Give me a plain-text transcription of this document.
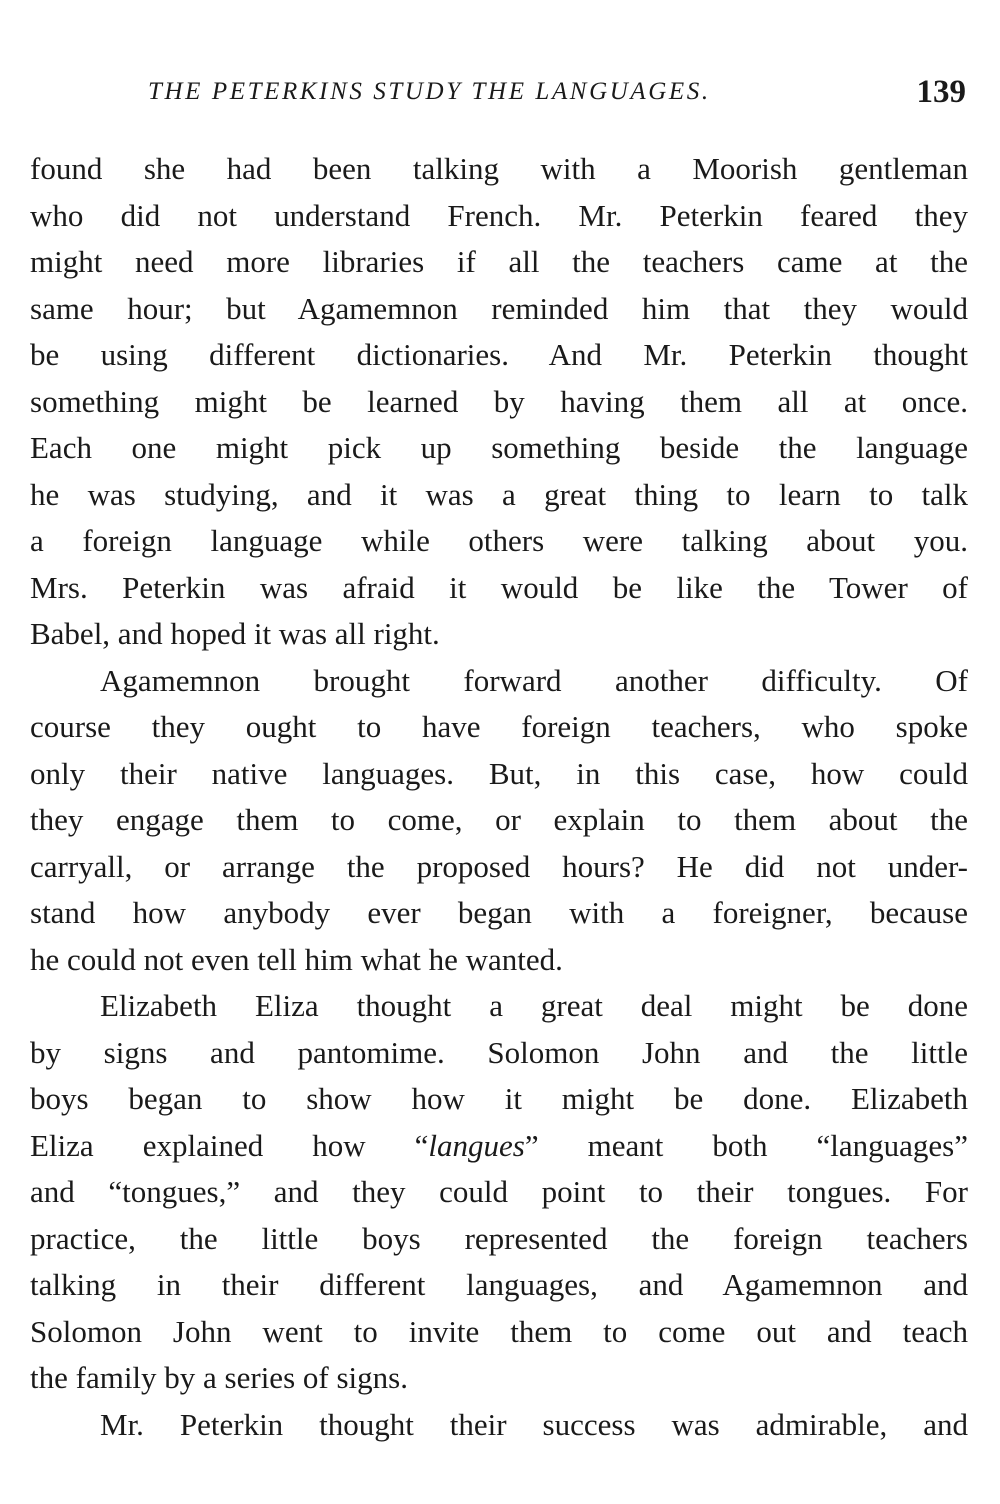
THE PETERKINS STUDY THE LANGUAGES.	139
found she had been talking with a Moorish gentleman
who did not understand French. Mr. Peterkin feared they
might need more libraries if all the teachers came at the
same hour; but Agamemnon reminded him that they would
be using different dictionaries. And Mr. Peterkin thought
something might be learned by having them all at once.
Each one might pick up something beside the language
he was studying, and it was a great thing to learn to talk
a foreign language while others were talking about you.
Mrs. Peterkin was afraid it would be like the Tower of
Babel, and hoped it was all right.
Agamemnon brought forward another difficulty. Of
course they ought to have foreign teachers, who spoke
only their native languages. But, in this case, how could
they engage them to come, or explain to them about the
carryall, or arrange the proposed hours? He did not under-
stand how anybody ever began with a foreigner, because
he could not even tell him what he wanted.
Elizabeth Eliza thought a great deal might be done
by signs and pantomime. Solomon John and the little
boys began to show how it might be done. Elizabeth
Eliza explained how “langues” meant both “languages”
and “tongues,” and they could point to their tongues. For
practice, the little boys represented the foreign teachers
talking in their different languages, and Agamemnon and
Solomon John went to invite them to come out and teach
the family by a series of signs.
Mr. Peterkin thought their success was admirable, and
